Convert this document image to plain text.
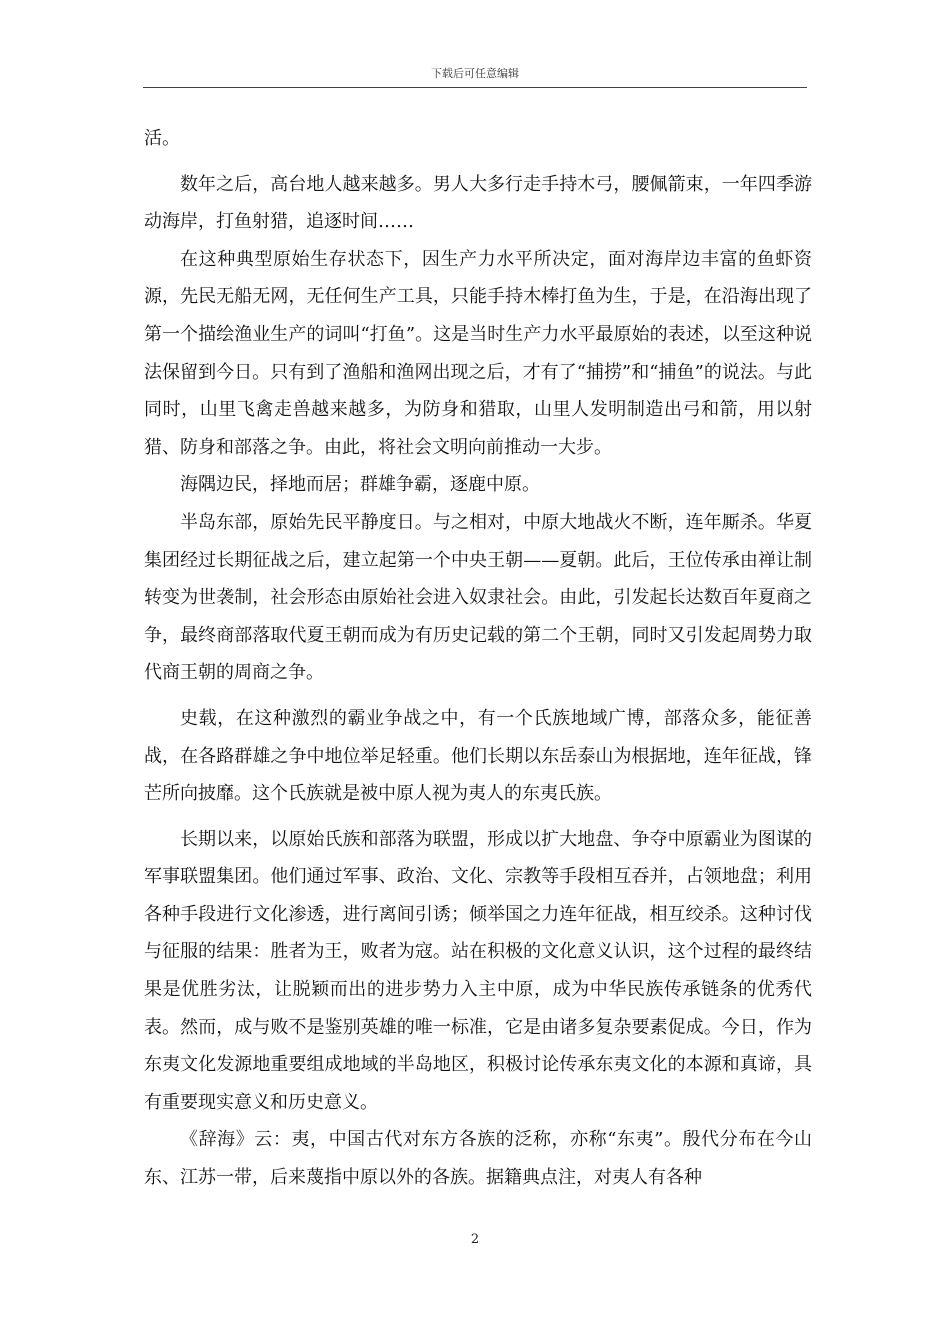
下载后可任意编辑

活。

数年之后，高台地人越来越多。男人大多行走手持木弓，腰佩箭束，一年四季游动海岸，打鱼射猎，追逐时间……

在这种典型原始生存状态下，因生产力水平所决定，面对海岸边丰富的鱼虾资源，先民无船无网，无任何生产工具，只能手持木棒打鱼为生，于是，在沿海出现了第一个描绘渔业生产的词叫“打鱼”。这是当时生产力水平最原始的表述，以至这种说法保留到今日。只有到了渔船和渔网出现之后，才有了“捕捞”和“捕鱼”的说法。与此同时，山里飞禽走兽越来越多，为防身和猎取，山里人发明制造出弓和箭，用以射猎、防身和部落之争。由此，将社会文明向前推动一大步。

海隅边民，择地而居；群雄争霸，逐鹿中原。

半岛东部，原始先民平静度日。与之相对，中原大地战火不断，连年厮杀。华夏集团经过长期征战之后，建立起第一个中央王朝——夏朝。此后，王位传承由禅让制转变为世袭制，社会形态由原始社会进入奴隶社会。由此，引发起长达数百年夏商之争，最终商部落取代夏王朝而成为有历史记载的第二个王朝，同时又引发起周势力取代商王朝的周商之争。

史载，在这种激烈的霸业争战之中，有一个氏族地域广博，部落众多，能征善战，在各路群雄之争中地位举足轻重。他们长期以东岳泰山为根据地，连年征战，锋芒所向披靡。这个氏族就是被中原人视为夷人的东夷氏族。

长期以来，以原始氏族和部落为联盟，形成以扩大地盘、争夺中原霸业为图谋的军事联盟集团。他们通过军事、政治、文化、宗教等手段相互吞并，占领地盘；利用各种手段进行文化渗透，进行离间引诱；倾举国之力连年征战，相互绞杀。这种讨伐与征服的结果：胜者为王，败者为寇。站在积极的文化意义认识，这个过程的最终结果是优胜劣汰，让脱颖而出的进步势力入主中原，成为中华民族传承链条的优秀代表。然而，成与败不是鉴别英雄的唯一标准，它是由诸多复杂要素促成。今日，作为东夷文化发源地重要组成地域的半岛地区，积极讨论传承东夷文化的本源和真谛，具有重要现实意义和历史意义。

《辞海》云：夷，中国古代对东方各族的泛称，亦称“东夷”。殷代分布在今山东、江苏一带，后来蔑指中原以外的各族。据籍典点注，对夷人有各种

2
